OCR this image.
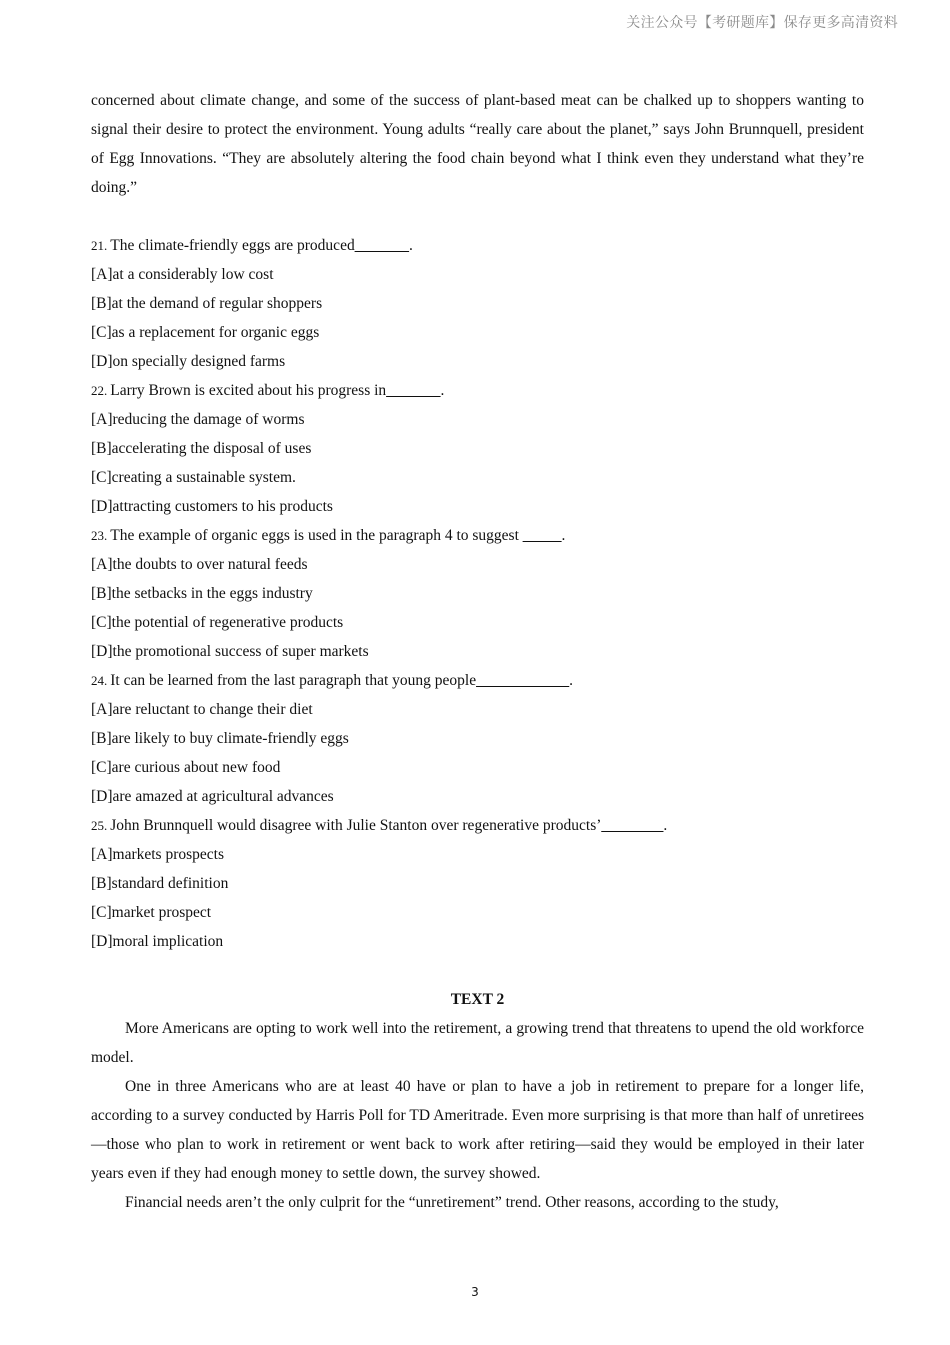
关注公众号【考研题库】保存更多高清资料

concerned about climate change, and some of the success of plant-based meat can be chalked up to shoppers wanting to signal their desire to protect the environment. Young adults “really care about the planet,” says John Brunnquell, president of Egg Innovations. “They are absolutely altering the food chain beyond what I think even they understand what they’re doing.”

21. The climate-friendly eggs are produced_______.

[A]at a considerably low cost

[B]at the demand of regular shoppers

[C]as a replacement for organic eggs

[D]on specially designed farms

22. Larry Brown is excited about his progress in_______.

[A]reducing the damage of worms

[B]accelerating the disposal of uses

[C]creating a sustainable system.

[D]attracting customers to his products

23. The example of organic eggs is used in the paragraph 4 to suggest _____.

[A]the doubts to over natural feeds

[B]the setbacks in the eggs industry

[C]the potential of regenerative products

[D]the promotional success of super markets

24. It can be learned from the last paragraph that young people____________.

[A]are reluctant to change their diet

[B]are likely to buy climate-friendly eggs

[C]are curious about new food

[D]are amazed at agricultural advances

25. John Brunnquell would disagree with Julie Stanton over regenerative products’________.

[A]markets prospects

[B]standard definition

[C]market prospect

[D]moral implication

TEXT 2

More Americans are opting to work well into the retirement, a growing trend that threatens to upend the old workforce model.

One in three Americans who are at least 40 have or plan to have a job in retirement to prepare for a longer life, according to a survey conducted by Harris Poll for TD Ameritrade. Even more surprising is that more than half of unretirees—those who plan to work in retirement or went back to work after retiring—said they would be employed in their later years even if they had enough money to settle down, the survey showed.

Financial needs aren’t the only culprit for the “unretirement” trend. Other reasons, according to the study,

3
